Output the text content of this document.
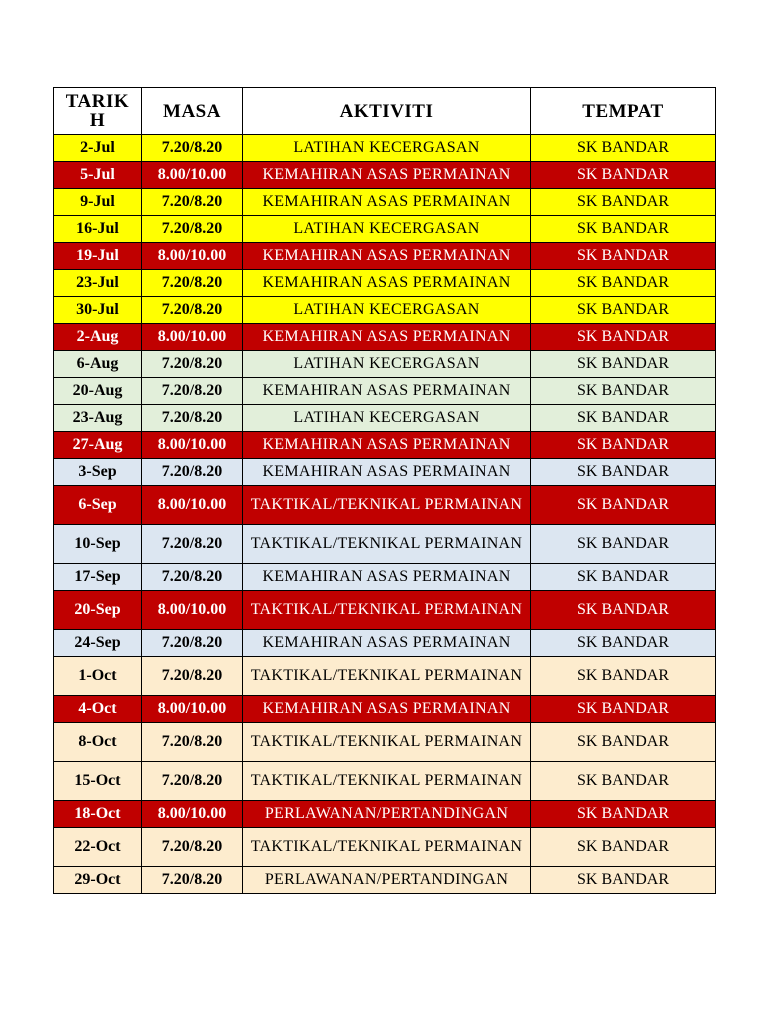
TARIK H	MASA	AKTIVITI	TEMPAT
2-Jul	7.20/8.20	LATIHAN KECERGASAN	SK BANDAR
5-Jul	8.00/10.00	KEMAHIRAN ASAS PERMAINAN	SK BANDAR
9-Jul	7.20/8.20	KEMAHIRAN ASAS PERMAINAN	SK BANDAR
16-Jul	7.20/8.20	LATIHAN KECERGASAN	SK BANDAR
19-Jul	8.00/10.00	KEMAHIRAN ASAS PERMAINAN	SK BANDAR
23-Jul	7.20/8.20	KEMAHIRAN ASAS PERMAINAN	SK BANDAR
30-Jul	7.20/8.20	LATIHAN KECERGASAN	SK BANDAR
2-Aug	8.00/10.00	KEMAHIRAN ASAS PERMAINAN	SK BANDAR
6-Aug	7.20/8.20	LATIHAN KECERGASAN	SK BANDAR
20-Aug	7.20/8.20	KEMAHIRAN ASAS PERMAINAN	SK BANDAR
23-Aug	7.20/8.20	LATIHAN KECERGASAN	SK BANDAR
27-Aug	8.00/10.00	KEMAHIRAN ASAS PERMAINAN	SK BANDAR
3-Sep	7.20/8.20	KEMAHIRAN ASAS PERMAINAN	SK BANDAR
6-Sep	8.00/10.00	TAKTIKAL/TEKNIKAL PERMAINAN	SK BANDAR
10-Sep	7.20/8.20	TAKTIKAL/TEKNIKAL PERMAINAN	SK BANDAR
17-Sep	7.20/8.20	KEMAHIRAN ASAS PERMAINAN	SK BANDAR
20-Sep	8.00/10.00	TAKTIKAL/TEKNIKAL PERMAINAN	SK BANDAR
24-Sep	7.20/8.20	KEMAHIRAN ASAS PERMAINAN	SK BANDAR
1-Oct	7.20/8.20	TAKTIKAL/TEKNIKAL PERMAINAN	SK BANDAR
4-Oct	8.00/10.00	KEMAHIRAN ASAS PERMAINAN	SK BANDAR
8-Oct	7.20/8.20	TAKTIKAL/TEKNIKAL PERMAINAN	SK BANDAR
15-Oct	7.20/8.20	TAKTIKAL/TEKNIKAL PERMAINAN	SK BANDAR
18-Oct	8.00/10.00	PERLAWANAN/PERTANDINGAN	SK BANDAR
22-Oct	7.20/8.20	TAKTIKAL/TEKNIKAL PERMAINAN	SK BANDAR
29-Oct	7.20/8.20	PERLAWANAN/PERTANDINGAN	SK BANDAR
